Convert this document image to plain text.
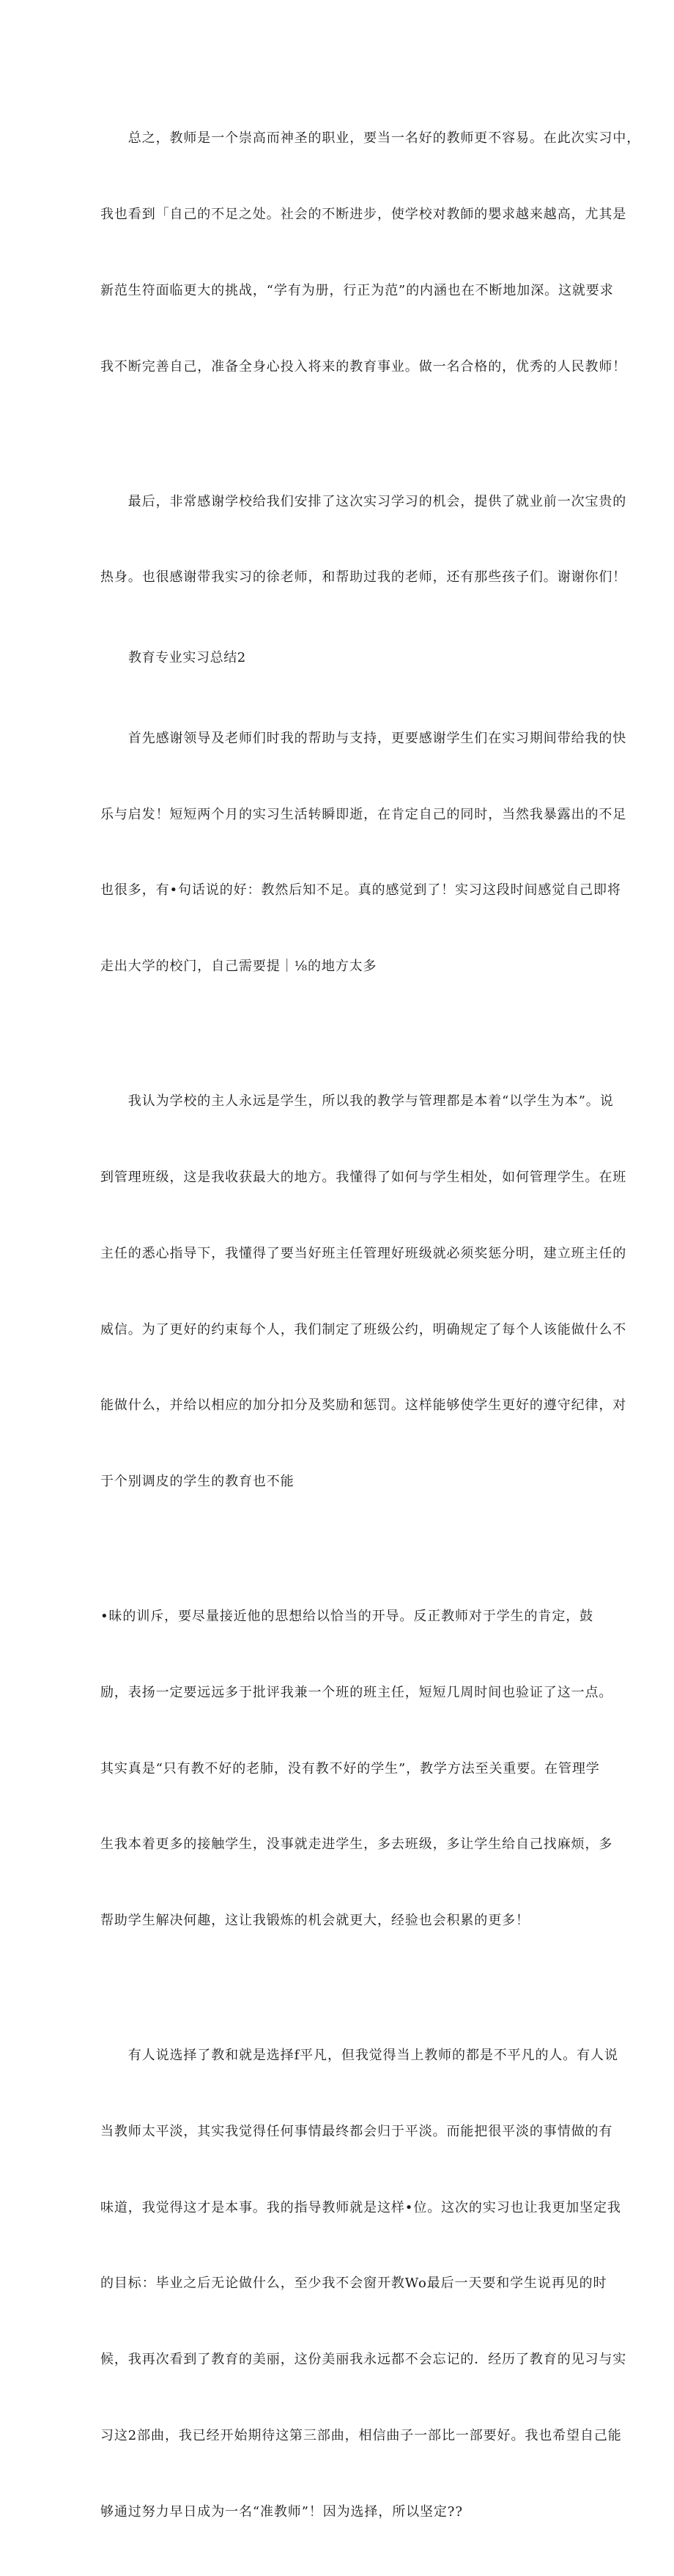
　　总之，教师是一个崇高而神圣的职业，要当一名好的教师更不容易。在此次实习中，

我也看到「自己的不足之处。社会的不断进步，使学校对教師的嬰求越来越高，尤其是

新范生符面临更大的挑战，“学有为册，行正为范”的内涵也在不断地加深。这就要求

我不断完善自己，准备全身心投入将来的教育事业。做一名合格的，优秀的人民教师！

　　最后，非常感谢学校给我们安排了这次实习学习的机会，提供了就业前一次宝贵的

热身。也很感谢带我实习的徐老师，和帮助过我的老师，还有那些孩子们。谢谢你们！

教育专业实习总结2

　　首先感谢领导及老师们时我的帮助与支持，更要感谢学生们在实习期间带给我的快

乐与启发！短短两个月的实习生活转瞬即逝，在肯定自己的同时，当然我暴露出的不足

也很多，有•句话说的好：教然后知不足。真的感觉到了！实习这段时间感觉自己即将

走出大学的校门，自己需要提｜⅛的地方太多

　　我认为学校的主人永远是学生，所以我的教学与管理都是本着“以学生为本”。说

到管理班级，这是我收获最大的地方。我懂得了如何与学生相处，如何管理学生。在班

主任的悉心指导下，我懂得了要当好班主任管理好班级就必须奖惩分明，建立班主任的

威信。为了更好的约束每个人，我们制定了班级公约，明确规定了每个人该能做什么不

能做什么，并给以相应的加分扣分及奖励和惩罚。这样能够使学生更好的遵守纪律，对

于个别调皮的学生的教育也不能

•昧的训斥，要尽量接近他的思想给以恰当的开导。反正教师对于学生的肯定，鼓

励，表扬一定要远远多于批评我兼一个班的班主任，短短几周时间也验证了这一点。

其实真是“只有教不好的老肺，没有教不好的学生”，教学方法至关重要。在管理学

生我本着更多的接触学生，没事就走进学生，多去班级，多让学生给自己找麻烦，多

帮助学生解决何趣，这让我锻炼的机会就更大，经验也会积累的更多！

　　有人说选择了教和就是选择f平凡，但我觉得当上教师的都是不平凡的人。有人说

当教师太平淡，其实我觉得任何事情最终都会归于平淡。而能把很平淡的事情做的有

味道，我觉得这才是本事。我的指导教师就是这样•位。这次的实习也让我更加坚定我

的目标：毕业之后无论做什么，至少我不会窗开教Wo最后一天要和学生说再见的时

候，我再次看到了教育的美丽，这份美丽我永远都不会忘记的．经历了教育的见习与实

习这2部曲，我已经开始期待这第三部曲，相信曲子一部比一部要好。我也希望自己能

够通过努力早日成为一名“准教师”！因为选择，所以坚定??
